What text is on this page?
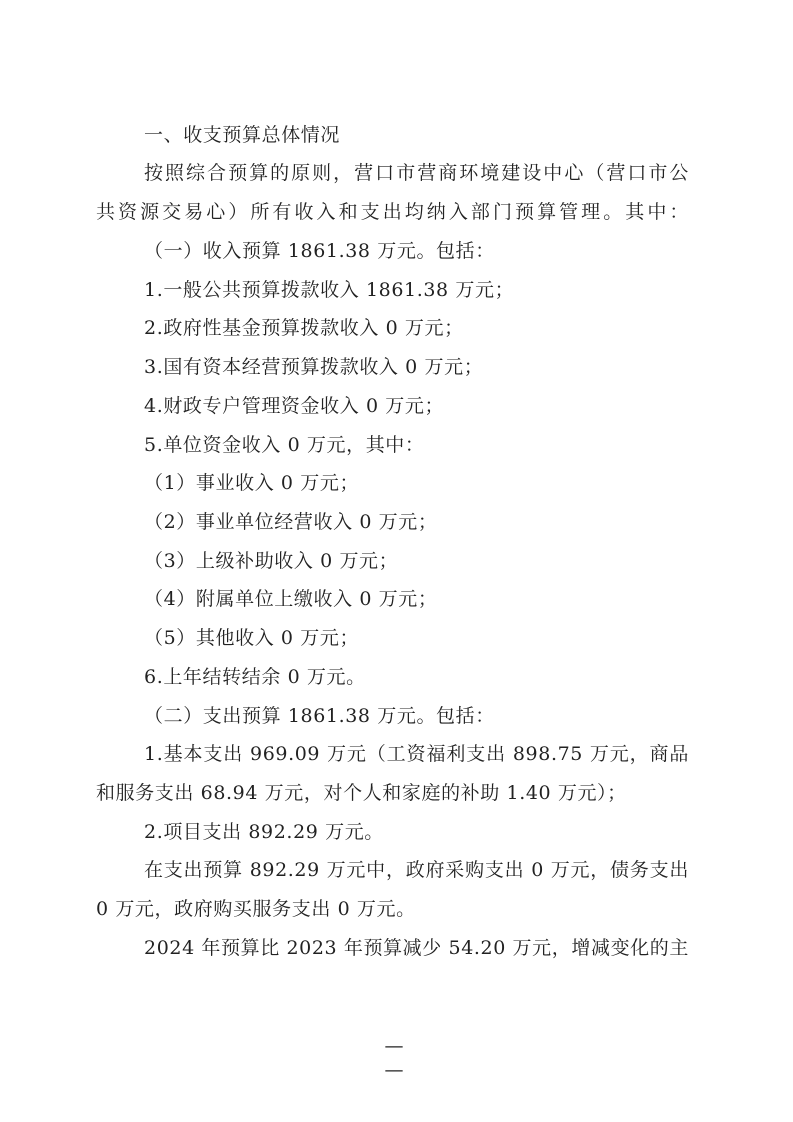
一、收支预算总体情况
按照综合预算的原则，营口市营商环境建设中心（营口市公
共资源交易心）所有收入和支出均纳入部门预算管理。其中：
（一）收入预算 1861.38 万元。包括：
1.一般公共预算拨款收入 1861.38 万元；
2.政府性基金预算拨款收入 0 万元；
3.国有资本经营预算拨款收入 0 万元；
4.财政专户管理资金收入 0 万元；
5.单位资金收入 0 万元，其中：
（1）事业收入 0 万元；
（2）事业单位经营收入 0 万元；
（3）上级补助收入 0 万元；
（4）附属单位上缴收入 0 万元；
（5）其他收入 0 万元；
6.上年结转结余 0 万元。
（二）支出预算 1861.38 万元。包括：
1.基本支出 969.09 万元（工资福利支出 898.75 万元，商品
和服务支出 68.94 万元，对个人和家庭的补助 1.40 万元）；
2.项目支出 892.29 万元。
在支出预算 892.29 万元中，政府采购支出 0 万元，债务支出
0 万元，政府购买服务支出 0 万元。
2024 年预算比 2023 年预算减少 54.20 万元，增减变化的主
— —
